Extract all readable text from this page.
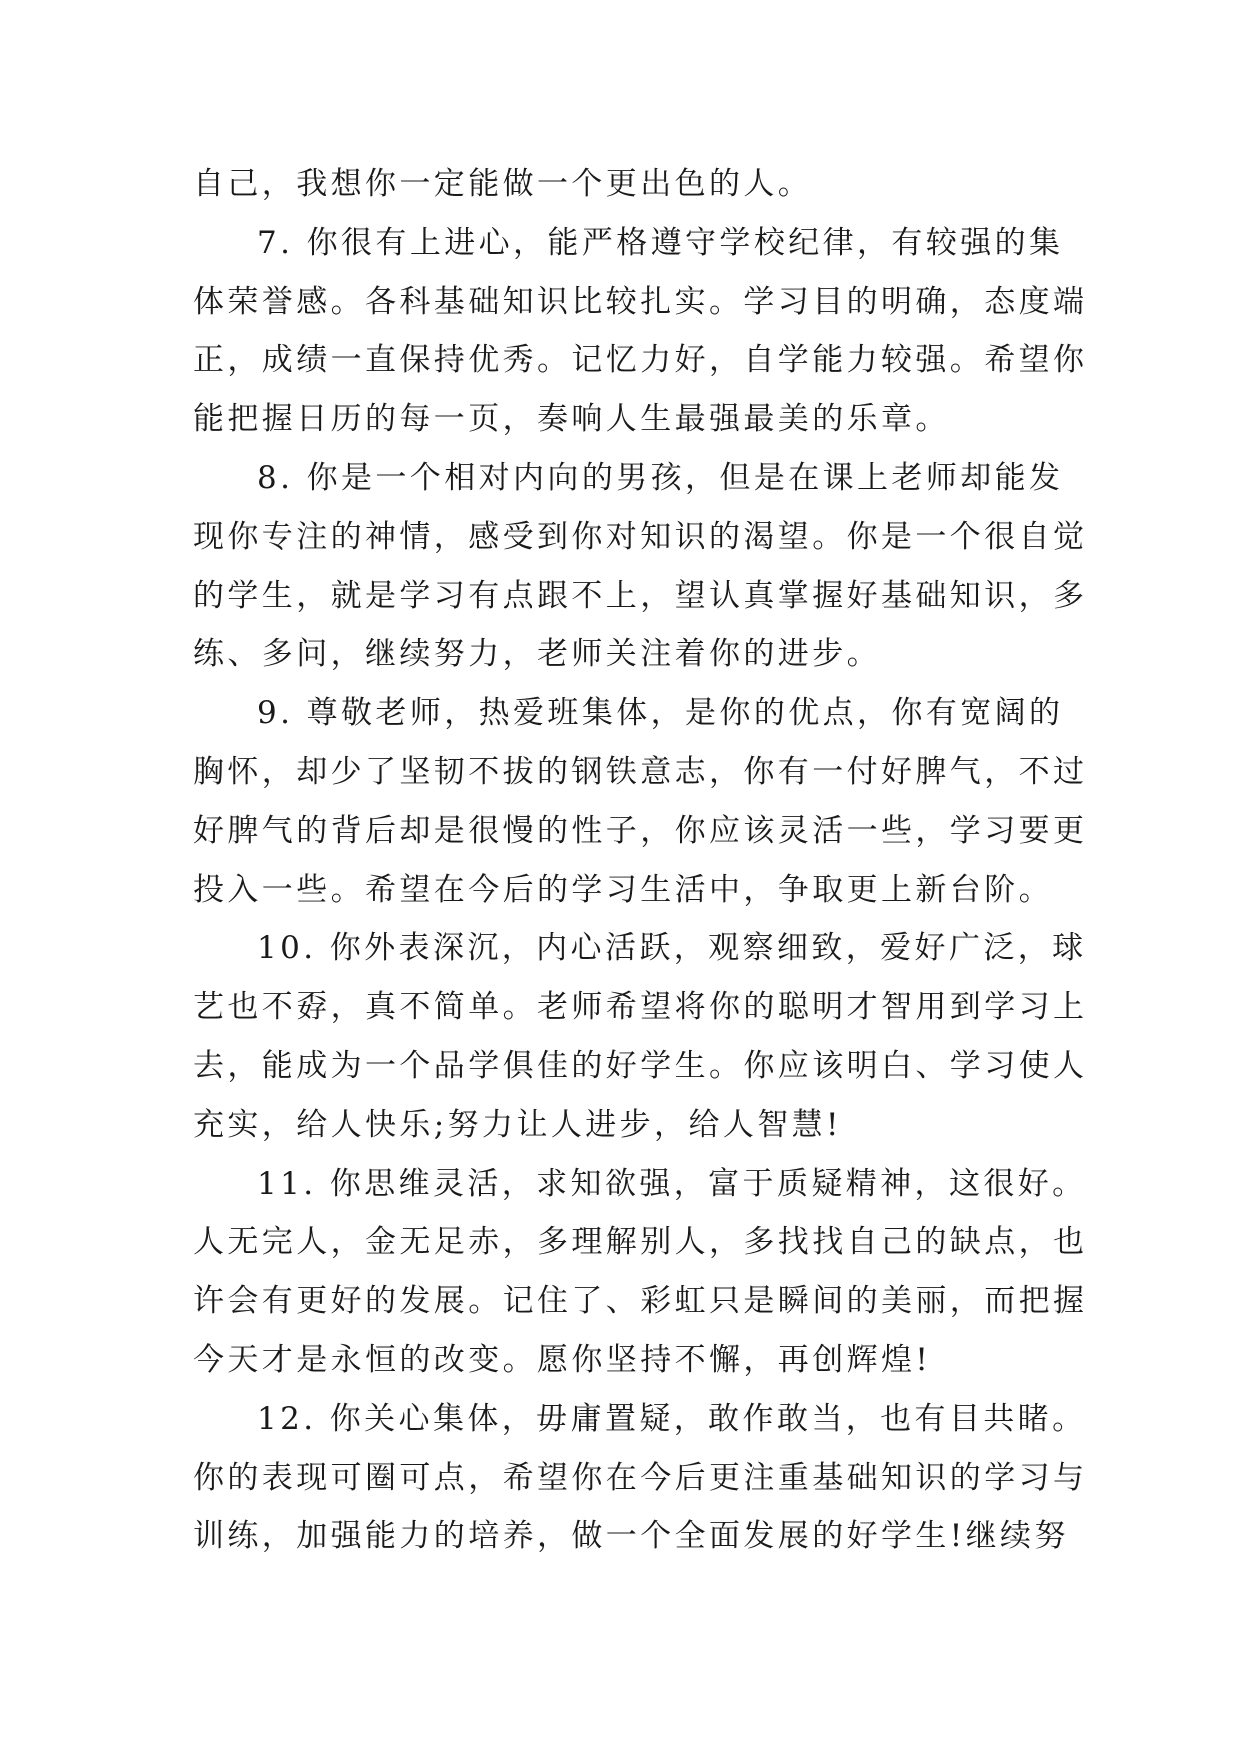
自己，我想你一定能做一个更出色的人。
7. 你很有上进心，能严格遵守学校纪律，有较强的集
体荣誉感。各科基础知识比较扎实。学习目的明确，态度端
正，成绩一直保持优秀。记忆力好，自学能力较强。希望你
能把握日历的每一页，奏响人生最强最美的乐章。
8. 你是一个相对内向的男孩，但是在课上老师却能发
现你专注的神情，感受到你对知识的渴望。你是一个很自觉
的学生，就是学习有点跟不上，望认真掌握好基础知识，多
练、多问，继续努力，老师关注着你的进步。
9. 尊敬老师，热爱班集体，是你的优点，你有宽阔的
胸怀，却少了坚韧不拔的钢铁意志，你有一付好脾气，不过
好脾气的背后却是很慢的性子，你应该灵活一些，学习要更
投入一些。希望在今后的学习生活中，争取更上新台阶。
10. 你外表深沉，内心活跃，观察细致，爱好广泛，球
艺也不孬，真不简单。老师希望将你的聪明才智用到学习上
去，能成为一个品学俱佳的好学生。你应该明白、学习使人
充实，给人快乐;努力让人进步，给人智慧!
11. 你思维灵活，求知欲强，富于质疑精神，这很好。
人无完人，金无足赤，多理解别人，多找找自己的缺点，也
许会有更好的发展。记住了、彩虹只是瞬间的美丽，而把握
今天才是永恒的改变。愿你坚持不懈，再创辉煌!
12. 你关心集体，毋庸置疑，敢作敢当，也有目共睹。
你的表现可圈可点，希望你在今后更注重基础知识的学习与
训练，加强能力的培养，做一个全面发展的好学生!继续努
